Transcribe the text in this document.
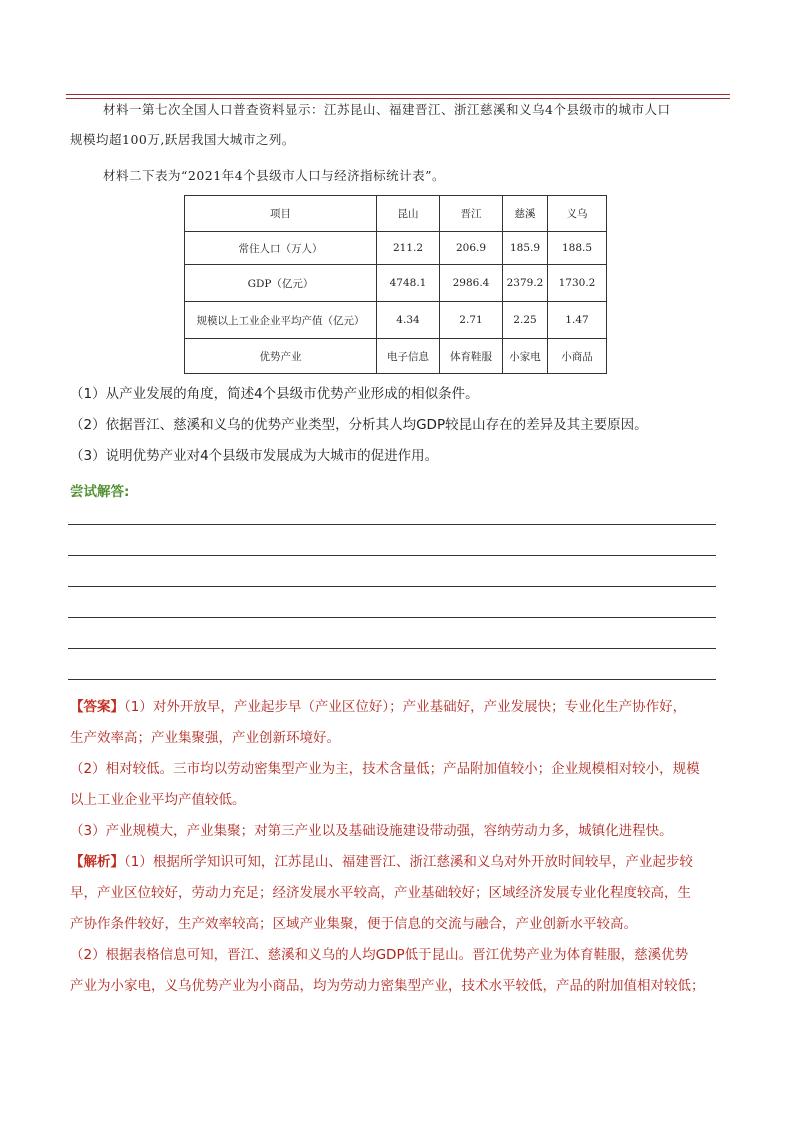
材料一第七次全国人口普查资料显示：江苏昆山、福建晋江、浙江慈溪和义乌4个县级市的城市人口

规模均超100万,跃居我国大城市之列。

材料二下表为“2021年4个县级市人口与经济指标统计表”。

项目	昆山	晋江	慈溪	义乌
常住人口（万人）	211.2	206.9	185.9	188.5
GDP（亿元）	4748.1	2986.4	2379.2	1730.2
规模以上工业企业平均产值（亿元）	4.34	2.71	2.25	1.47
优势产业	电子信息	体育鞋服	小家电	小商品

（1）从产业发展的角度，简述4个县级市优势产业形成的相似条件。

（2）依据晋江、慈溪和义乌的优势产业类型，分析其人均GDP较昆山存在的差异及其主要原因。

（3）说明优势产业对4个县级市发展成为大城市的促进作用。

尝试解答:

【答案】（1）对外开放早，产业起步早（产业区位好）；产业基础好，产业发展快；专业化生产协作好，

生产效率高；产业集聚强，产业创新环境好。

（2）相对较低。三市均以劳动密集型产业为主，技术含量低；产品附加值较小；企业规模相对较小，规模

以上工业企业平均产值较低。

（3）产业规模大，产业集聚；对第三产业以及基础设施建设带动强，容纳劳动力多，城镇化进程快。

【解析】（1）根据所学知识可知，江苏昆山、福建晋江、浙江慈溪和义乌对外开放时间较早，产业起步较

早，产业区位较好，劳动力充足；经济发展水平较高，产业基础较好；区域经济发展专业化程度较高，生

产协作条件较好，生产效率较高；区域产业集聚，便于信息的交流与融合，产业创新水平较高。

（2）根据表格信息可知，晋江、慈溪和义乌的人均GDP低于昆山。晋江优势产业为体育鞋服，慈溪优势

产业为小家电，义乌优势产业为小商品，均为劳动力密集型产业，技术水平较低，产品的附加值相对较低；
